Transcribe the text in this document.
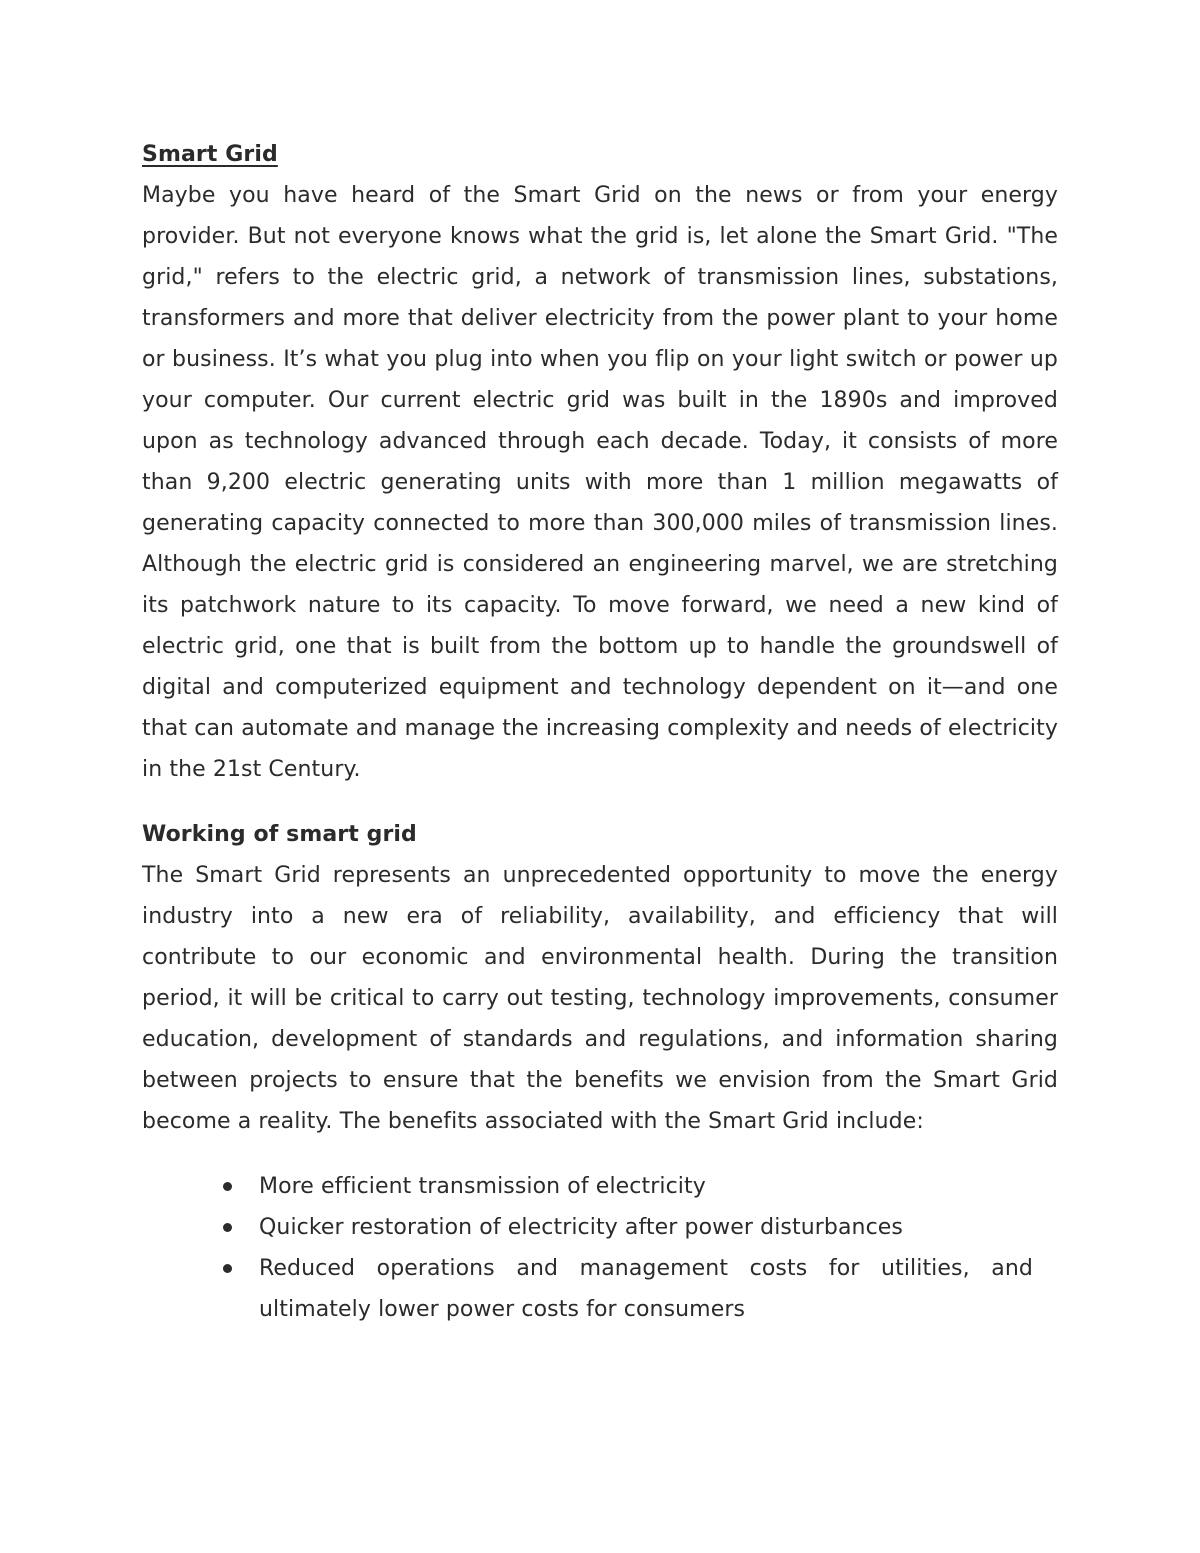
Smart Grid

Maybe you have heard of the Smart Grid on the news or from your energy provider. But not everyone knows what the grid is, let alone the Smart Grid. "The grid," refers to the electric grid, a network of transmission lines, substations, transformers and more that deliver electricity from the power plant to your home or business. It’s what you plug into when you flip on your light switch or power up your computer. Our current electric grid was built in the 1890s and improved upon as technology advanced through each decade. Today, it consists of more than 9,200 electric generating units with more than 1 million megawatts of generating capacity connected to more than 300,000 miles of transmission lines. Although the electric grid is considered an engineering marvel, we are stretching its patchwork nature to its capacity. To move forward, we need a new kind of electric grid, one that is built from the bottom up to handle the groundswell of digital and computerized equipment and technology dependent on it—and one that can automate and manage the increasing complexity and needs of electricity in the 21st Century.

Working of smart grid

The Smart Grid represents an unprecedented opportunity to move the energy industry into a new era of reliability, availability, and efficiency that will contribute to our economic and environmental health. During the transition period, it will be critical to carry out testing, technology improvements, consumer education, development of standards and regulations, and information sharing between projects to ensure that the benefits we envision from the Smart Grid become a reality. The benefits associated with the Smart Grid include:

More efficient transmission of electricity
Quicker restoration of electricity after power disturbances
Reduced operations and management costs for utilities, and ultimately lower power costs for consumers
